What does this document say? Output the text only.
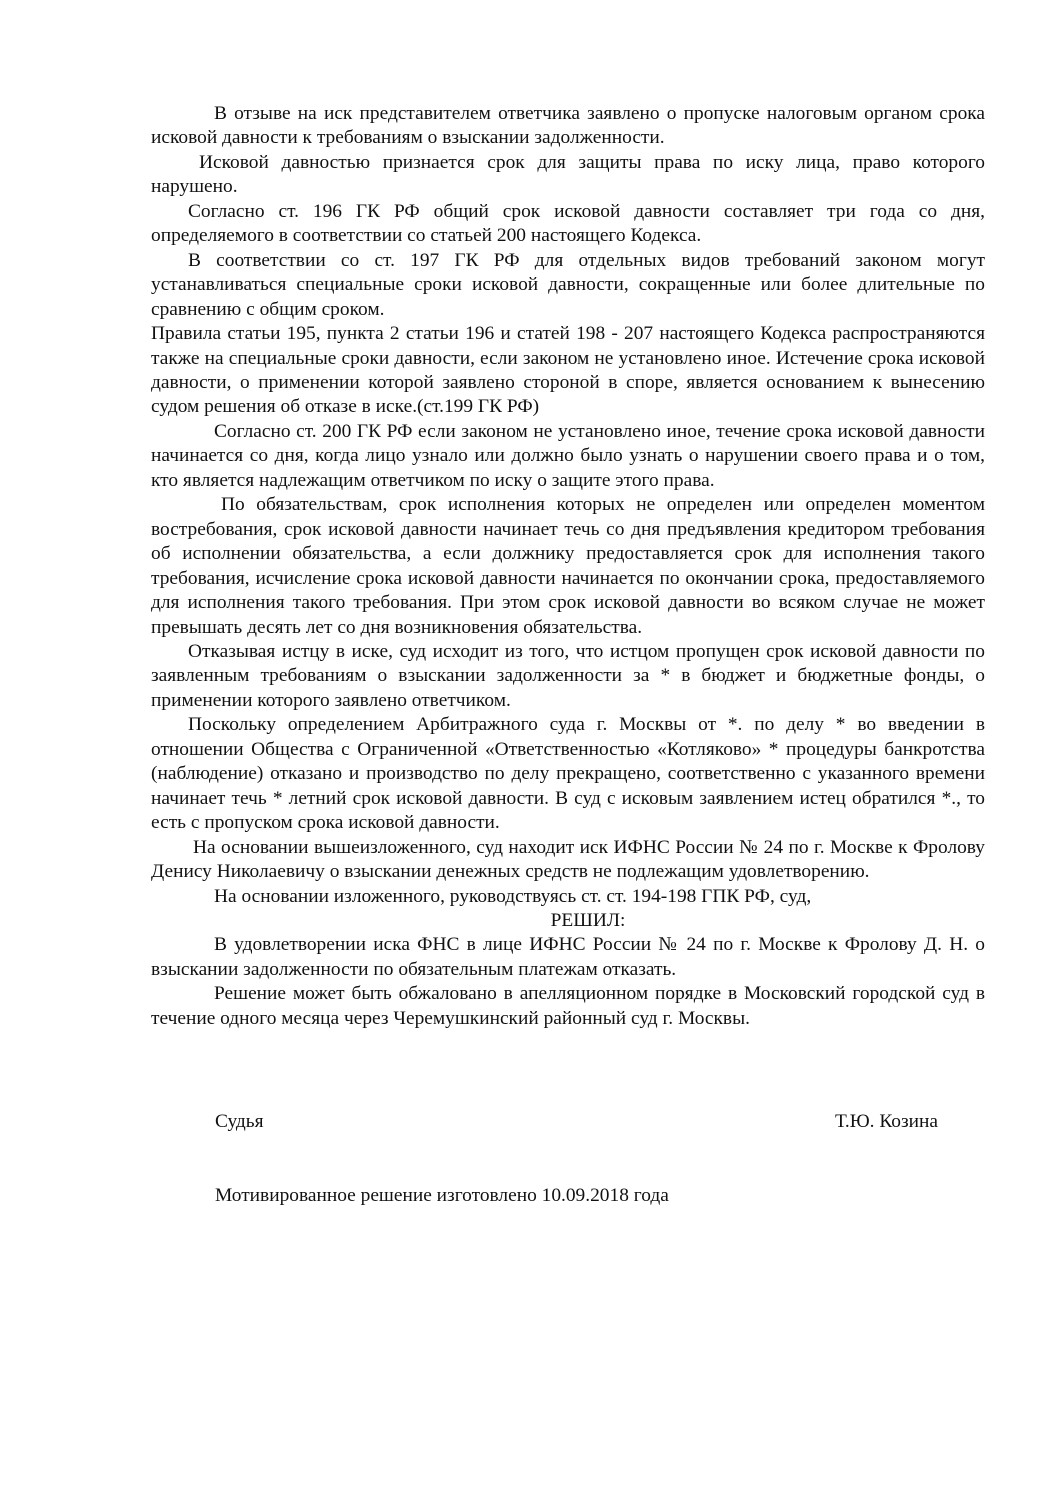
В отзыве на иск представителем ответчика заявлено о пропуске налоговым органом срока исковой давности к требованиям о взыскании задолженности.

Исковой давностью признается срок для защиты права по иску лица, право которого нарушено.

Согласно ст. 196 ГК РФ общий срок исковой давности составляет три года со дня, определяемого в соответствии со статьей 200 настоящего Кодекса.

В соответствии со ст. 197 ГК РФ для отдельных видов требований законом могут устанавливаться специальные сроки исковой давности, сокращенные или более длительные по сравнению с общим сроком.

Правила статьи 195, пункта 2 статьи 196 и статей 198 - 207 настоящего Кодекса распространяются также на специальные сроки давности, если законом не установлено иное. Истечение срока исковой давности, о применении которой заявлено стороной в споре, является основанием к вынесению судом решения об отказе в иске.(ст.199 ГК РФ)

Согласно ст. 200 ГК РФ если законом не установлено иное, течение срока исковой давности начинается со дня, когда лицо узнало или должно было узнать о нарушении своего права и о том, кто является надлежащим ответчиком по иску о защите этого права.

По обязательствам, срок исполнения которых не определен или определен моментом востребования, срок исковой давности начинает течь со дня предъявления кредитором требования об исполнении обязательства, а если должнику предоставляется срок для исполнения такого требования, исчисление срока исковой давности начинается по окончании срока, предоставляемого для исполнения такого требования. При этом срок исковой давности во всяком случае не может превышать десять лет со дня возникновения обязательства.

Отказывая истцу в иске, суд исходит из того, что истцом пропущен срок исковой давности по заявленным требованиям о взыскании задолженности за * в бюджет и бюджетные фонды, о применении которого заявлено ответчиком.

Поскольку определением Арбитражного суда г. Москвы от *. по делу * во введении в отношении Общества с Ограниченной «Ответственностью «Котляково» * процедуры банкротства (наблюдение) отказано и производство по делу прекращено, соответственно с указанного времени начинает течь * летний срок исковой давности. В суд с исковым заявлением истец обратился *., то есть с пропуском срока исковой давности.

На основании вышеизложенного, суд находит иск ИФНС России № 24 по г. Москве к Фролову Денису Николаевичу о взыскании денежных средств не подлежащим удовлетворению.

На основании изложенного, руководствуясь ст. ст. 194-198 ГПК РФ, суд,

РЕШИЛ:

В удовлетворении иска ФНС в лице ИФНС России № 24 по г. Москве к Фролову Д. Н. о взыскании задолженности по обязательным платежам отказать.

Решение может быть обжаловано в апелляционном порядке в Московский городской суд в течение одного месяца через Черемушкинский районный суд г. Москвы.

Судья	Т.Ю. Козина
Мотивированное решение изготовлено 10.09.2018 года
